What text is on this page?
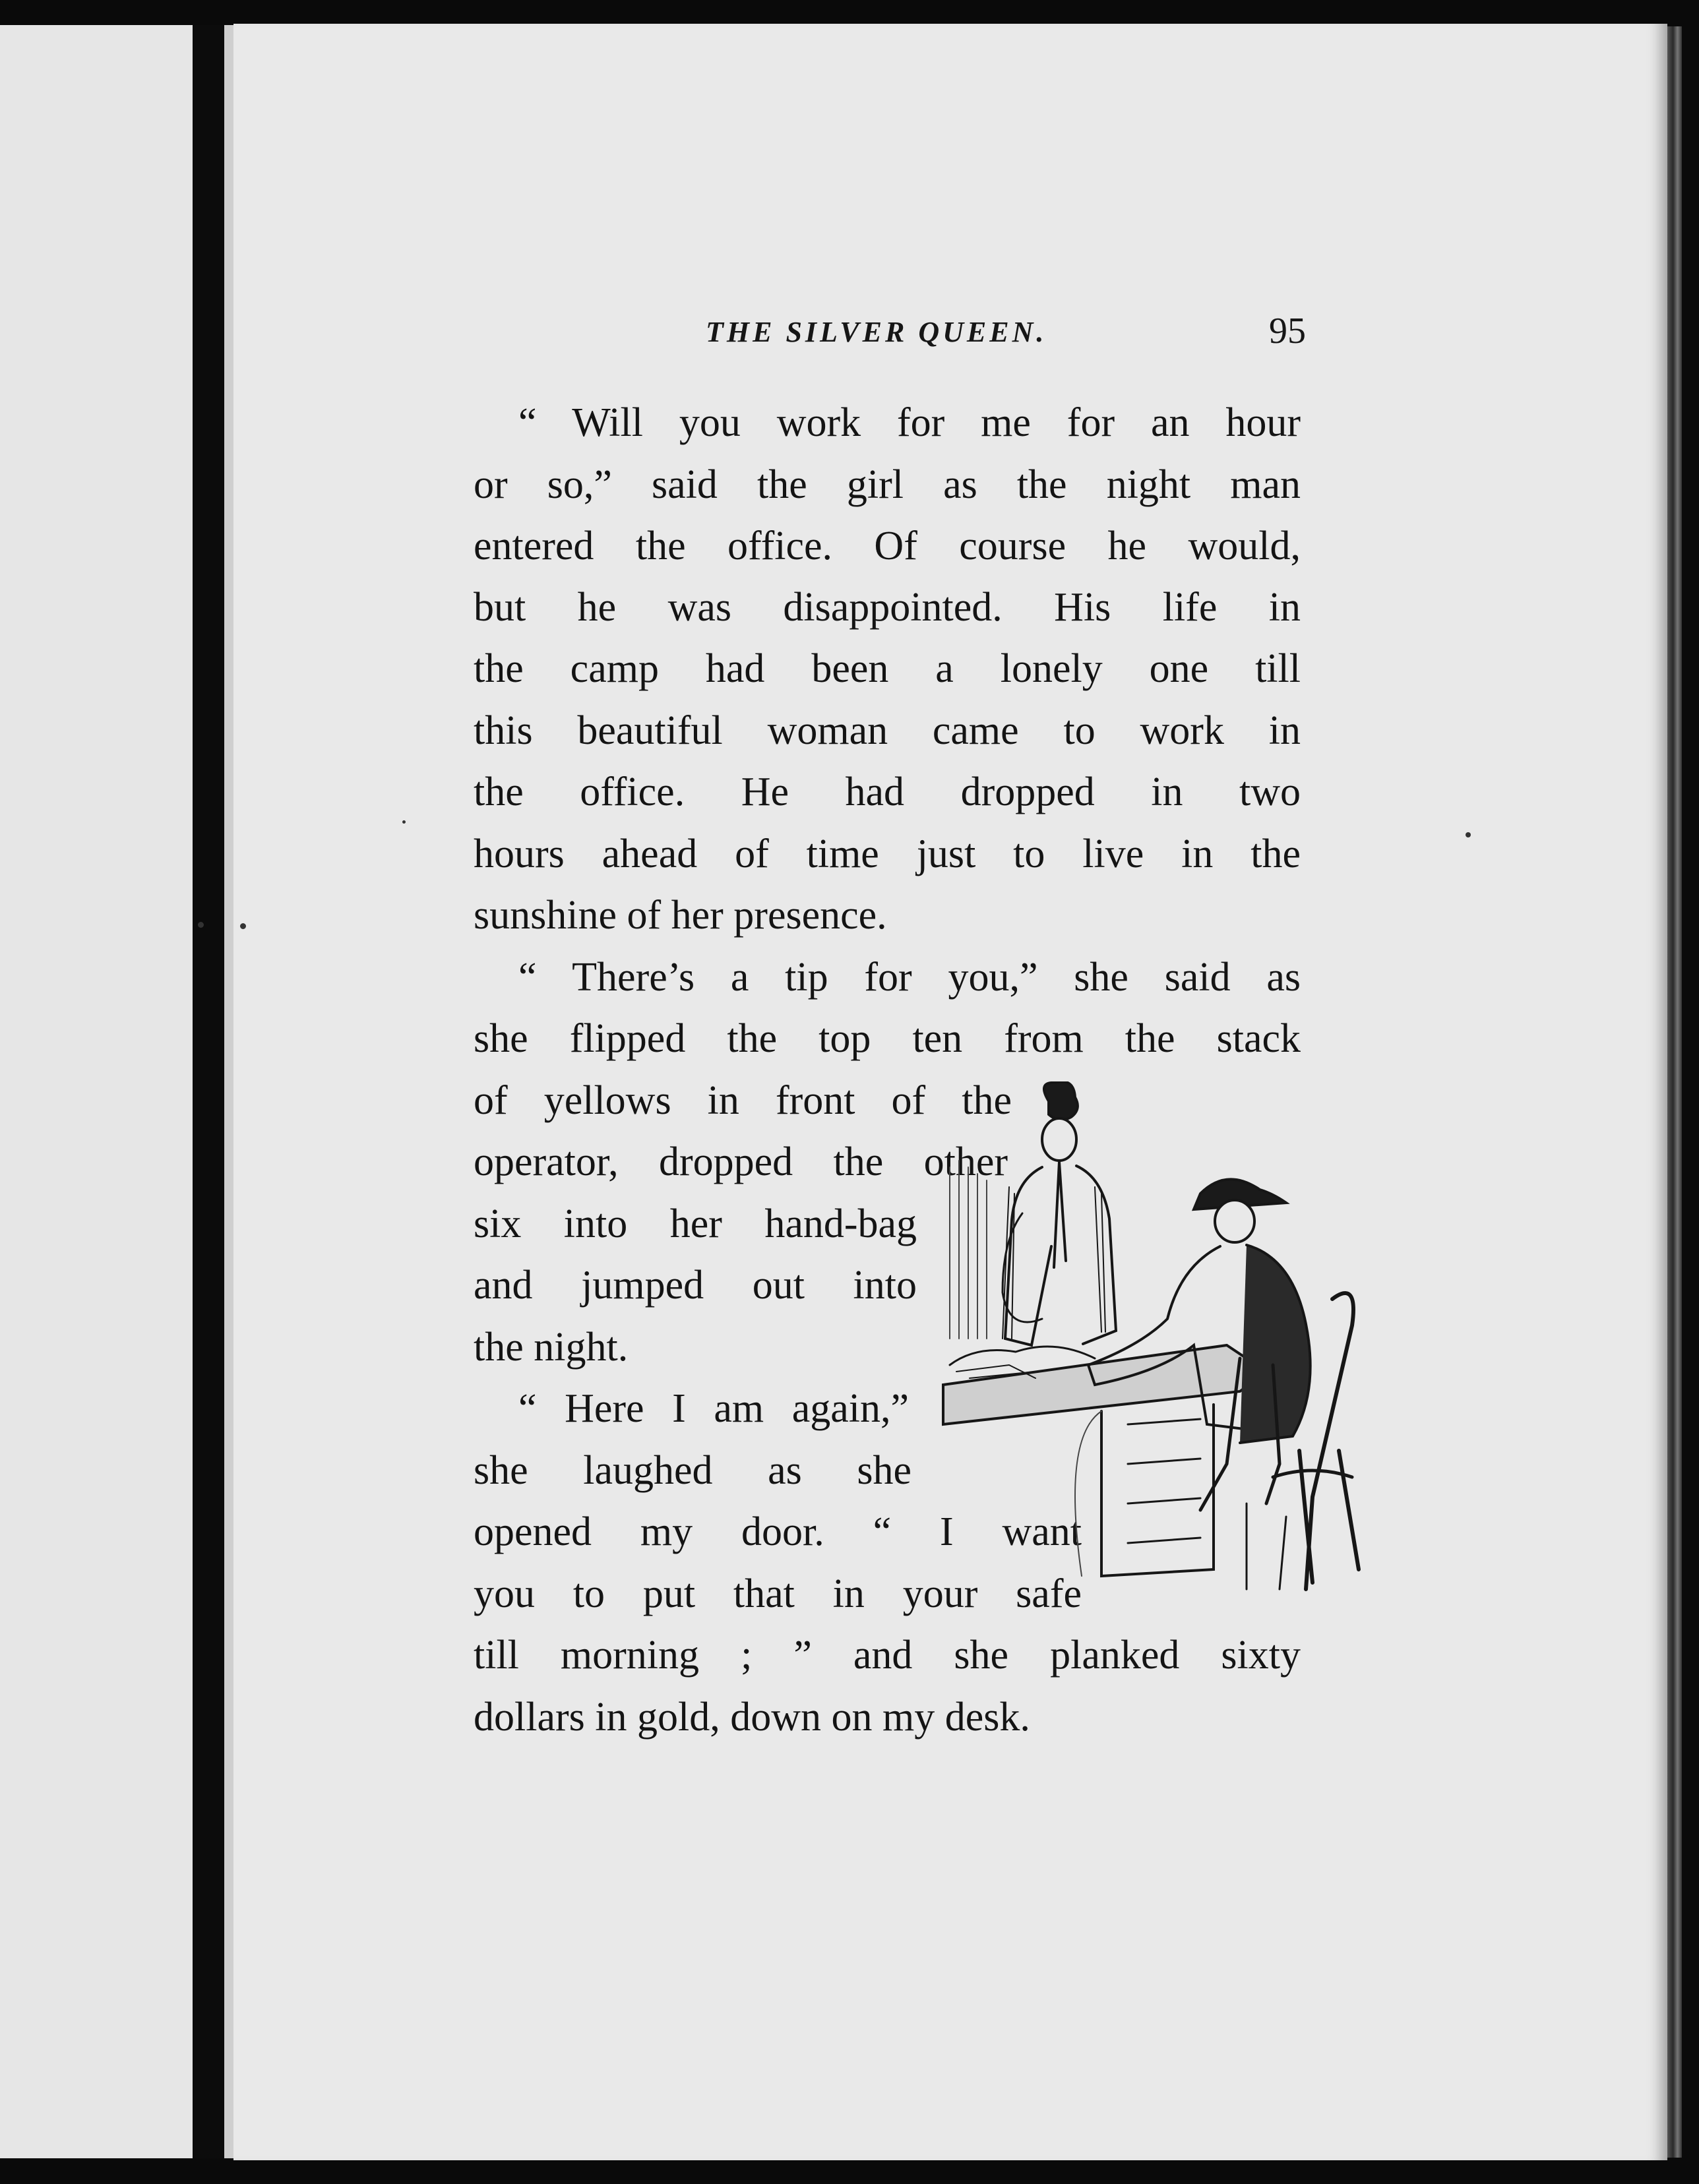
THE SILVER QUEEN.	95
“ Will you work for me for an hour
or so,” said the girl as the night man
entered the office. Of course he would,
but he was disappointed. His life in
the camp had been a lonely one till
this beautiful woman came to work in
the office. He had dropped in two
hours ahead of time just to live in the
sunshine of her presence.
“ There’s a tip for you,” she said as
she flipped the top ten from the stack
of yellows in front of the
operator, dropped the other
six into her hand-bag
and jumped out into
the night.
“ Here I am again,”
she laughed as she
opened my door. “ I want
you to put that in your safe
till morning ; ” and she planked sixty
dollars in gold, down on my desk.
